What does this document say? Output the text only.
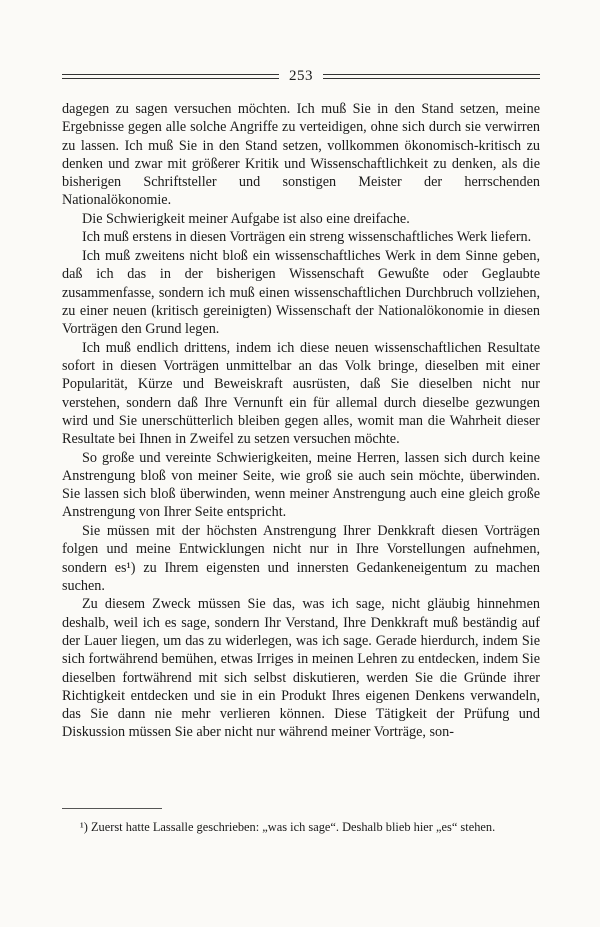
253

dagegen zu sagen versuchen möchten. Ich muß Sie in den Stand setzen, meine Ergebnisse gegen alle solche Angriffe zu verteidigen, ohne sich durch sie verwirren zu lassen. Ich muß Sie in den Stand setzen, vollkommen ökonomisch-kritisch zu denken und zwar mit größerer Kritik und Wissenschaftlichkeit zu denken, als die bisherigen Schriftsteller und sonstigen Meister der herrschenden Nationalökonomie.

Die Schwierigkeit meiner Aufgabe ist also eine dreifache.

Ich muß erstens in diesen Vorträgen ein streng wissenschaftliches Werk liefern.

Ich muß zweitens nicht bloß ein wissenschaftliches Werk in dem Sinne geben, daß ich das in der bisherigen Wissenschaft Gewußte oder Geglaubte zusammenfasse, sondern ich muß einen wissenschaftlichen Durchbruch vollziehen, zu einer neuen (kritisch gereinigten) Wissenschaft der Nationalökonomie in diesen Vorträgen den Grund legen.

Ich muß endlich drittens, indem ich diese neuen wissenschaftlichen Resultate sofort in diesen Vorträgen unmittelbar an das Volk bringe, dieselben mit einer Popularität, Kürze und Beweiskraft ausrüsten, daß Sie dieselben nicht nur verstehen, sondern daß Ihre Vernunft ein für allemal durch dieselbe gezwungen wird und Sie unerschütterlich bleiben gegen alles, womit man die Wahrheit dieser Resultate bei Ihnen in Zweifel zu setzen versuchen möchte.

So große und vereinte Schwierigkeiten, meine Herren, lassen sich durch keine Anstrengung bloß von meiner Seite, wie groß sie auch sein möchte, überwinden. Sie lassen sich bloß überwinden, wenn meiner Anstrengung auch eine gleich große Anstrengung von Ihrer Seite entspricht.

Sie müssen mit der höchsten Anstrengung Ihrer Denkkraft diesen Vorträgen folgen und meine Entwicklungen nicht nur in Ihre Vorstellungen aufnehmen, sondern es¹) zu Ihrem eigensten und innersten Gedankeneigentum zu machen suchen.

Zu diesem Zweck müssen Sie das, was ich sage, nicht gläubig hinnehmen deshalb, weil ich es sage, sondern Ihr Verstand, Ihre Denkkraft muß beständig auf der Lauer liegen, um das zu widerlegen, was ich sage. Gerade hierdurch, indem Sie sich fortwährend bemühen, etwas Irriges in meinen Lehren zu entdecken, indem Sie dieselben fortwährend mit sich selbst diskutieren, werden Sie die Gründe ihrer Richtigkeit entdecken und sie in ein Produkt Ihres eigenen Denkens verwandeln, das Sie dann nie mehr verlieren können. Diese Tätigkeit der Prüfung und Diskussion müssen Sie aber nicht nur während meiner Vorträge, son-

¹) Zuerst hatte Lassalle geschrieben: „was ich sage“. Deshalb blieb hier „es“ stehen.
